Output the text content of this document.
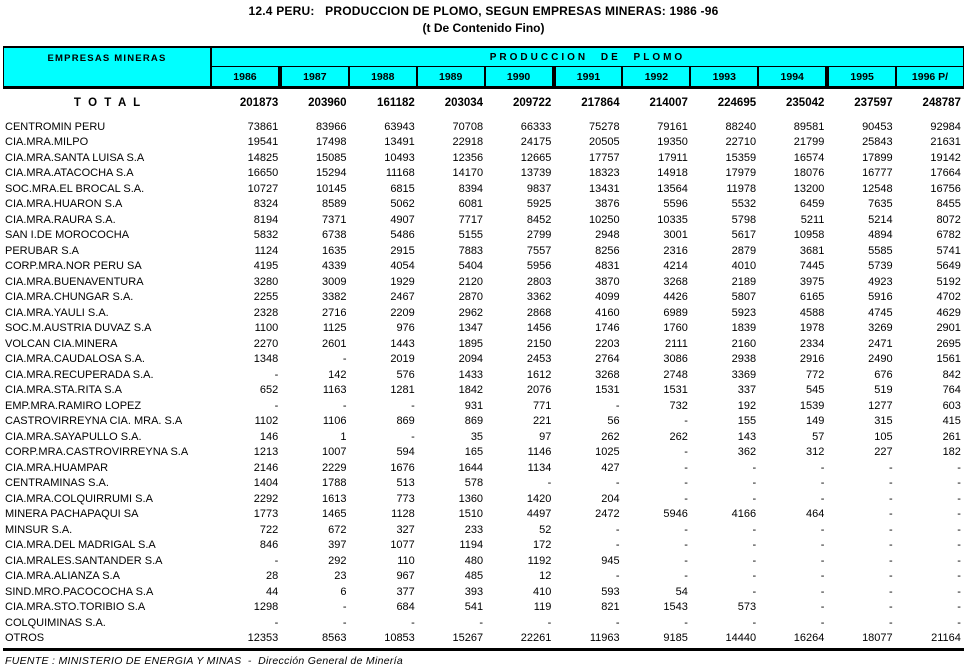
12.4 PERU:   PRODUCCION DE PLOMO, SEGUN EMPRESAS MINERAS: 1986 -96
(t De Contenido Fino)
EMPRESAS MINERAS	PRODUCCION DE PLOMO
1986	1987	1988	1989	1990	1991	1992	1993	1994	1995	1996 P/
T O T A L	201873	203960	161182	203034	209722	217864	214007	224695	235042	237597	248787
CENTROMIN PERU	73861	83966	63943	70708	66333	75278	79161	88240	89581	90453	92984
CIA.MRA.MILPO	19541	17498	13491	22918	24175	20505	19350	22710	21799	25843	21631
CIA.MRA.SANTA LUISA S.A	14825	15085	10493	12356	12665	17757	17911	15359	16574	17899	19142
CIA.MRA.ATACOCHA S.A	16650	15294	11168	14170	13739	18323	14918	17979	18076	16777	17664
SOC.MRA.EL BROCAL S.A.	10727	10145	6815	8394	9837	13431	13564	11978	13200	12548	16756
CIA.MRA.HUARON S.A	8324	8589	5062	6081	5925	3876	5596	5532	6459	7635	8455
CIA.MRA.RAURA S.A.	8194	7371	4907	7717	8452	10250	10335	5798	5211	5214	8072
SAN I.DE MOROCOCHA	5832	6738	5486	5155	2799	2948	3001	5617	10958	4894	6782
PERUBAR S.A	1124	1635	2915	7883	7557	8256	2316	2879	3681	5585	5741
CORP.MRA.NOR PERU SA	4195	4339	4054	5404	5956	4831	4214	4010	7445	5739	5649
CIA.MRA.BUENAVENTURA	3280	3009	1929	2120	2803	3870	3268	2189	3975	4923	5192
CIA.MRA.CHUNGAR S.A.	2255	3382	2467	2870	3362	4099	4426	5807	6165	5916	4702
CIA.MRA.YAULI S.A.	2328	2716	2209	2962	2868	4160	6989	5923	4588	4745	4629
SOC.M.AUSTRIA DUVAZ S.A	1100	1125	976	1347	1456	1746	1760	1839	1978	3269	2901
VOLCAN CIA.MINERA	2270	2601	1443	1895	2150	2203	2111	2160	2334	2471	2695
CIA.MRA.CAUDALOSA S.A.	1348	-	2019	2094	2453	2764	3086	2938	2916	2490	1561
CIA.MRA.RECUPERADA S.A.	-	142	576	1433	1612	3268	2748	3369	772	676	842
CIA.MRA.STA.RITA S.A	652	1163	1281	1842	2076	1531	1531	337	545	519	764
EMP.MRA.RAMIRO LOPEZ	-	-	-	931	771	-	732	192	1539	1277	603
CASTROVIRREYNA CIA. MRA. S.A	1102	1106	869	869	221	56	-	155	149	315	415
CIA.MRA.SAYAPULLO S.A.	146	1	-	35	97	262	262	143	57	105	261
CORP.MRA.CASTROVIRREYNA S.A	1213	1007	594	165	1146	1025	-	362	312	227	182
CIA.MRA.HUAMPAR	2146	2229	1676	1644	1134	427	-	-	-	-	-
CENTRAMINAS S.A.	1404	1788	513	578	-	-	-	-	-	-	-
CIA.MRA.COLQUIRRUMI S.A	2292	1613	773	1360	1420	204	-	-	-	-	-
MINERA PACHAPAQUI SA	1773	1465	1128	1510	4497	2472	5946	4166	464	-	-
MINSUR S.A.	722	672	327	233	52	-	-	-	-	-	-
CIA.MRA.DEL MADRIGAL S.A	846	397	1077	1194	172	-	-	-	-	-	-
CIA.MRALES.SANTANDER S.A	-	292	110	480	1192	945	-	-	-	-	-
CIA.MRA.ALIANZA S.A	28	23	967	485	12	-	-	-	-	-	-
SIND.MRO.PACOCOCHA S.A	44	6	377	393	410	593	54	-	-	-	-
CIA.MRA.STO.TORIBIO S.A	1298	-	684	541	119	821	1543	573	-	-	-
COLQUIMINAS S.A.	-	-	-	-	-	-	-	-	-	-	-
OTROS	12353	8563	10853	15267	22261	11963	9185	14440	16264	18077	21164
FUENTE : MINISTERIO DE ENERGIA Y MINAS  -  Dirección General de Minería
